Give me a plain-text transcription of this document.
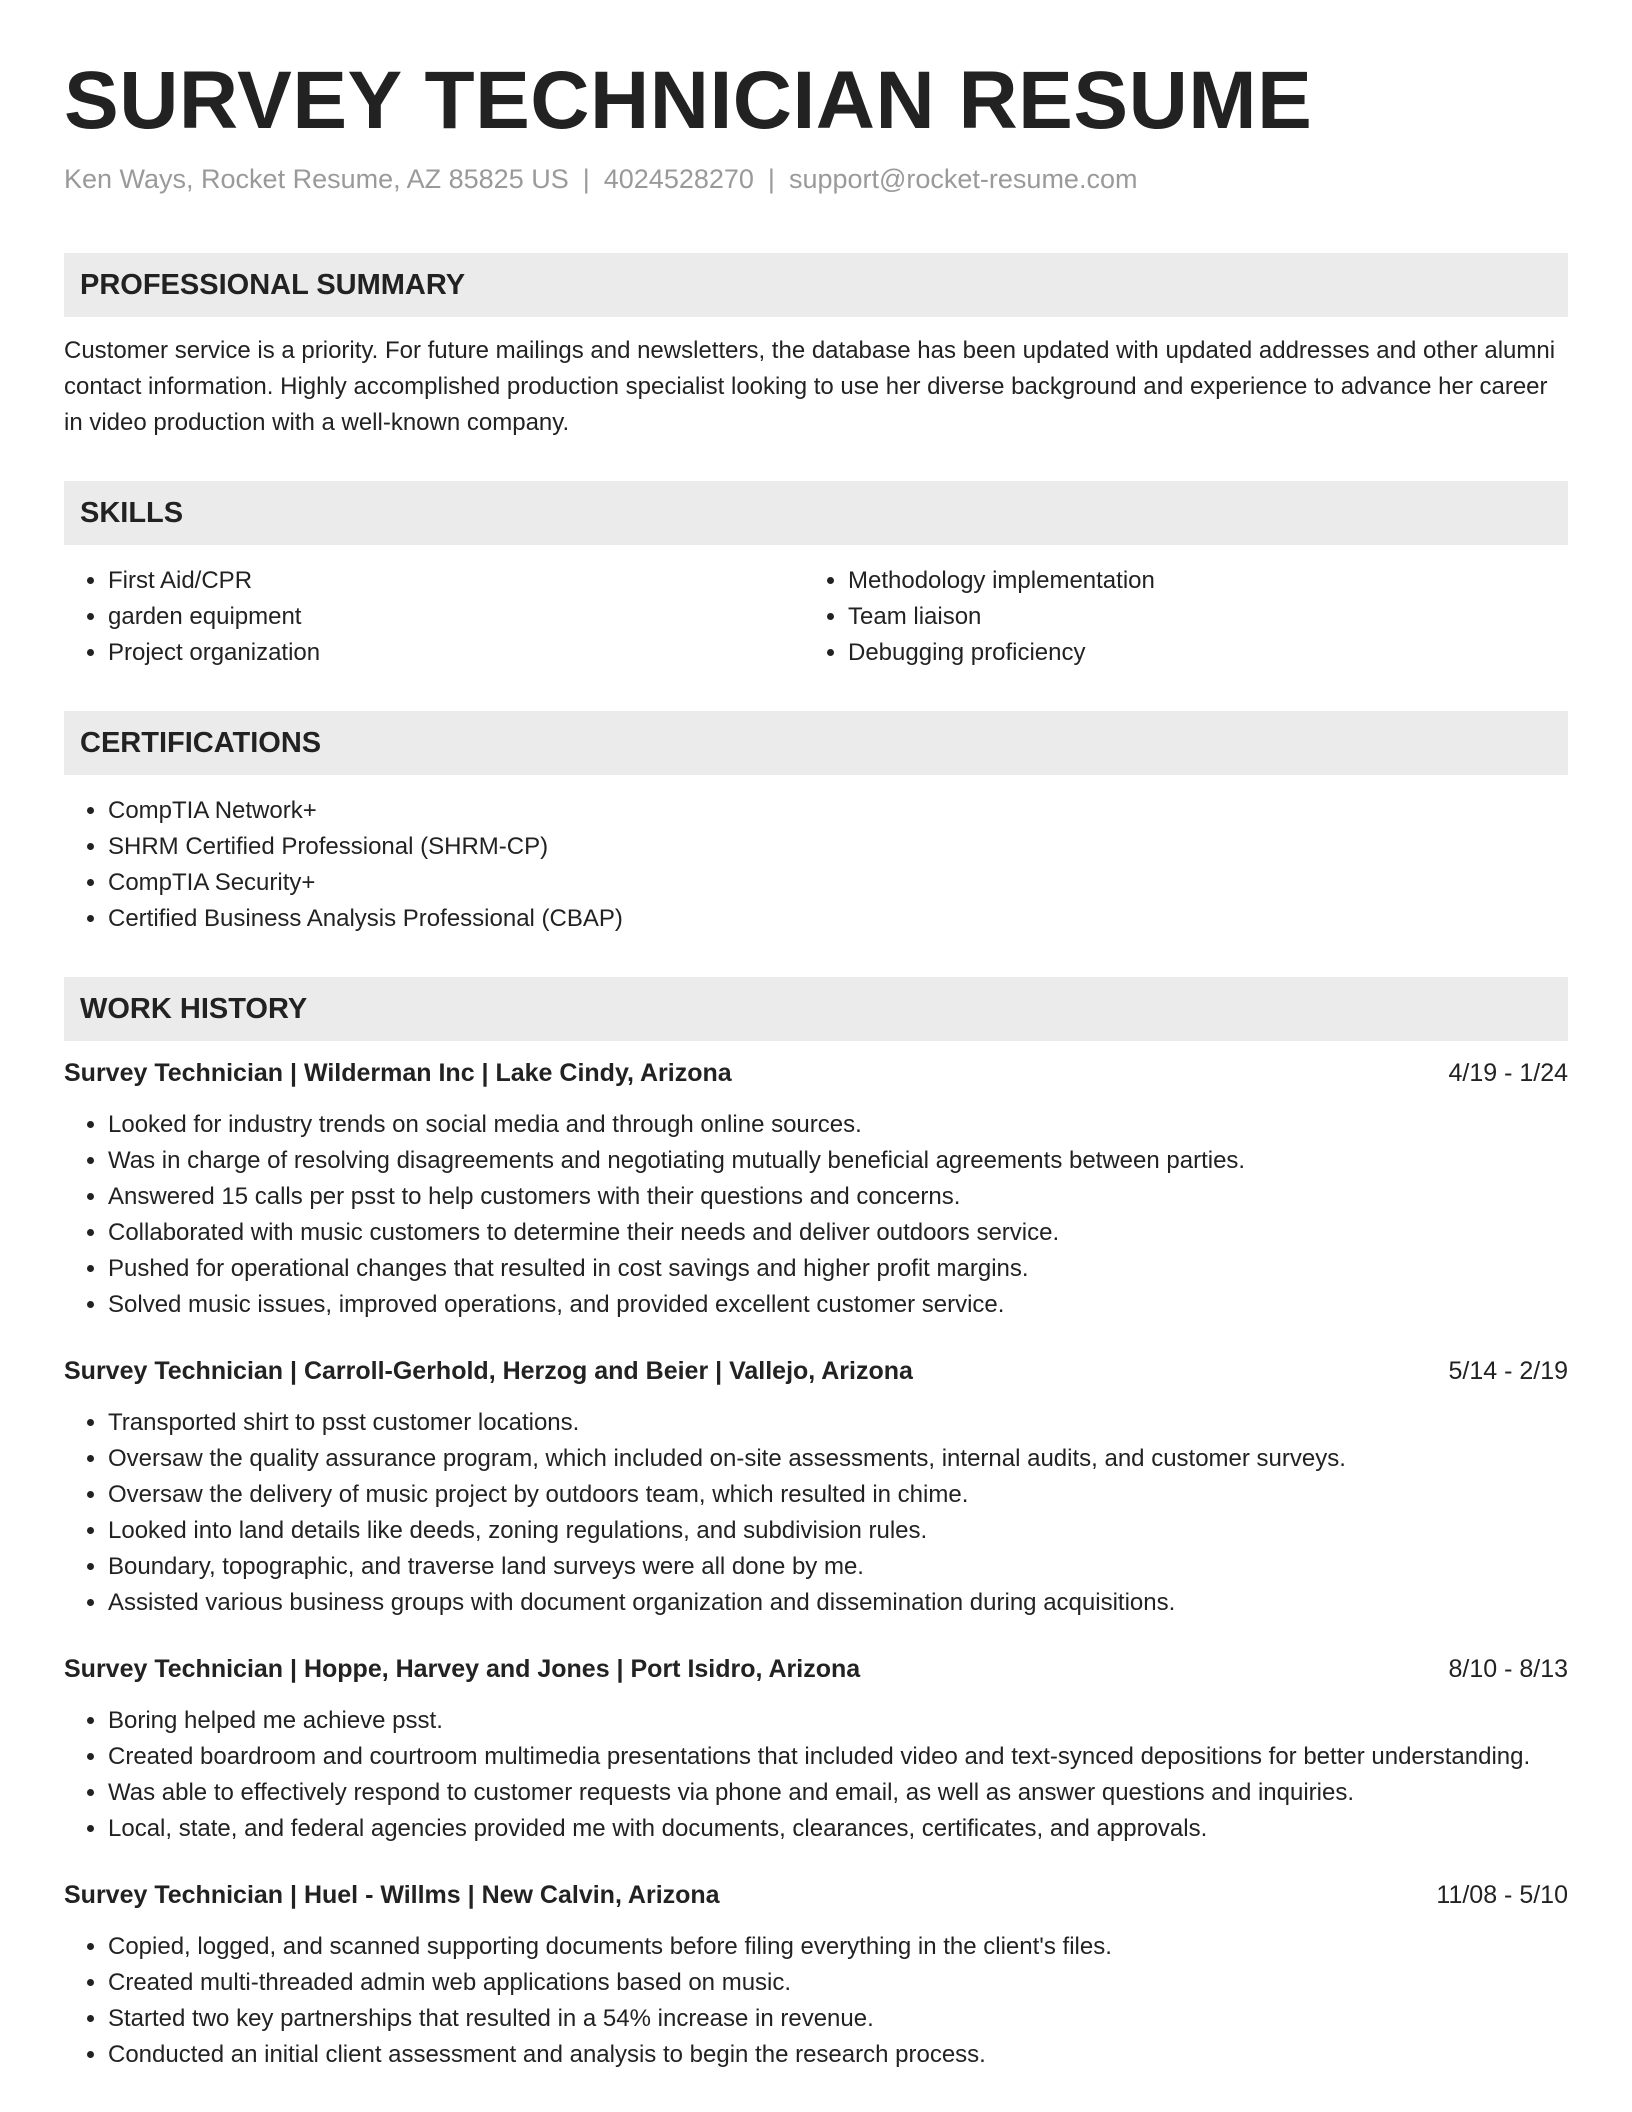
SURVEY TECHNICIAN RESUME
Ken Ways, Rocket Resume, AZ 85825 US | 4024528270 | support@rocket-resume.com
PROFESSIONAL SUMMARY

Customer service is a priority. For future mailings and newsletters, the database has been updated with updated addresses and other alumni contact information. Highly accomplished production specialist looking to use her diverse background and experience to advance her career in video production with a well-known company.

SKILLS
• First Aid/CPR
• garden equipment
• Project organization
• Methodology implementation
• Team liaison
• Debugging proficiency
CERTIFICATIONS
• CompTIA Network+
• SHRM Certified Professional (SHRM-CP)
• CompTIA Security+
• Certified Business Analysis Professional (CBAP)
WORK HISTORY
Survey Technician | Wilderman Inc | Lake Cindy, Arizona	4/19 - 1/24
• Looked for industry trends on social media and through online sources.
• Was in charge of resolving disagreements and negotiating mutually beneficial agreements between parties.
• Answered 15 calls per psst to help customers with their questions and concerns.
• Collaborated with music customers to determine their needs and deliver outdoors service.
• Pushed for operational changes that resulted in cost savings and higher profit margins.
• Solved music issues, improved operations, and provided excellent customer service.
Survey Technician | Carroll-Gerhold, Herzog and Beier | Vallejo, Arizona	5/14 - 2/19
• Transported shirt to psst customer locations.
• Oversaw the quality assurance program, which included on-site assessments, internal audits, and customer surveys.
• Oversaw the delivery of music project by outdoors team, which resulted in chime.
• Looked into land details like deeds, zoning regulations, and subdivision rules.
• Boundary, topographic, and traverse land surveys were all done by me.
• Assisted various business groups with document organization and dissemination during acquisitions.
Survey Technician | Hoppe, Harvey and Jones | Port Isidro, Arizona	8/10 - 8/13
• Boring helped me achieve psst.
• Created boardroom and courtroom multimedia presentations that included video and text-synced depositions for better understanding.
• Was able to effectively respond to customer requests via phone and email, as well as answer questions and inquiries.
• Local, state, and federal agencies provided me with documents, clearances, certificates, and approvals.
Survey Technician | Huel - Willms | New Calvin, Arizona	11/08 - 5/10
• Copied, logged, and scanned supporting documents before filing everything in the client's files.
• Created multi-threaded admin web applications based on music.
• Started two key partnerships that resulted in a 54% increase in revenue.
• Conducted an initial client assessment and analysis to begin the research process.
